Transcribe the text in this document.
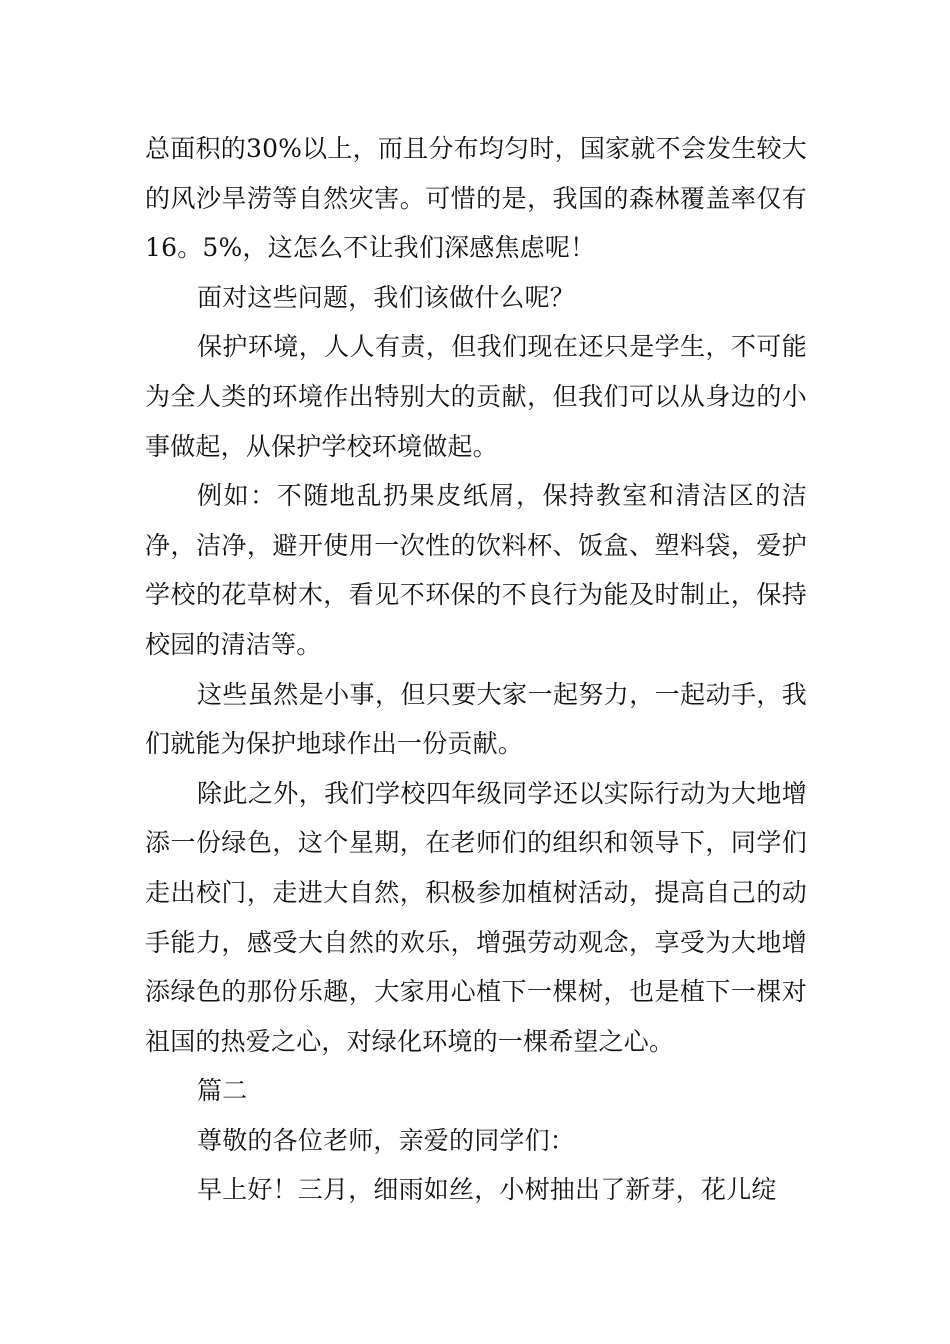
总面积的30%以上，而且分布均匀时，国家就不会发生较大的风沙旱涝等自然灾害。可惜的是，我国的森林覆盖率仅有16。5%，这怎么不让我们深感焦虑呢！

面对这些问题，我们该做什么呢？

保护环境，人人有责，但我们现在还只是学生，不可能为全人类的环境作出特别大的贡献，但我们可以从身边的小事做起，从保护学校环境做起。

例如：不随地乱扔果皮纸屑，保持教室和清洁区的洁净，洁净，避开使用一次性的饮料杯、饭盒、塑料袋，爱护学校的花草树木，看见不环保的不良行为能及时制止，保持校园的清洁等。

这些虽然是小事，但只要大家一起努力，一起动手，我们就能为保护地球作出一份贡献。

除此之外，我们学校四年级同学还以实际行动为大地增添一份绿色，这个星期，在老师们的组织和领导下，同学们走出校门，走进大自然，积极参加植树活动，提高自己的动手能力，感受大自然的欢乐，增强劳动观念，享受为大地增添绿色的那份乐趣，大家用心植下一棵树，也是植下一棵对祖国的热爱之心，对绿化环境的一棵希望之心。

篇二

尊敬的各位老师，亲爱的同学们：

早上好！三月，细雨如丝，小树抽出了新芽，花儿绽
